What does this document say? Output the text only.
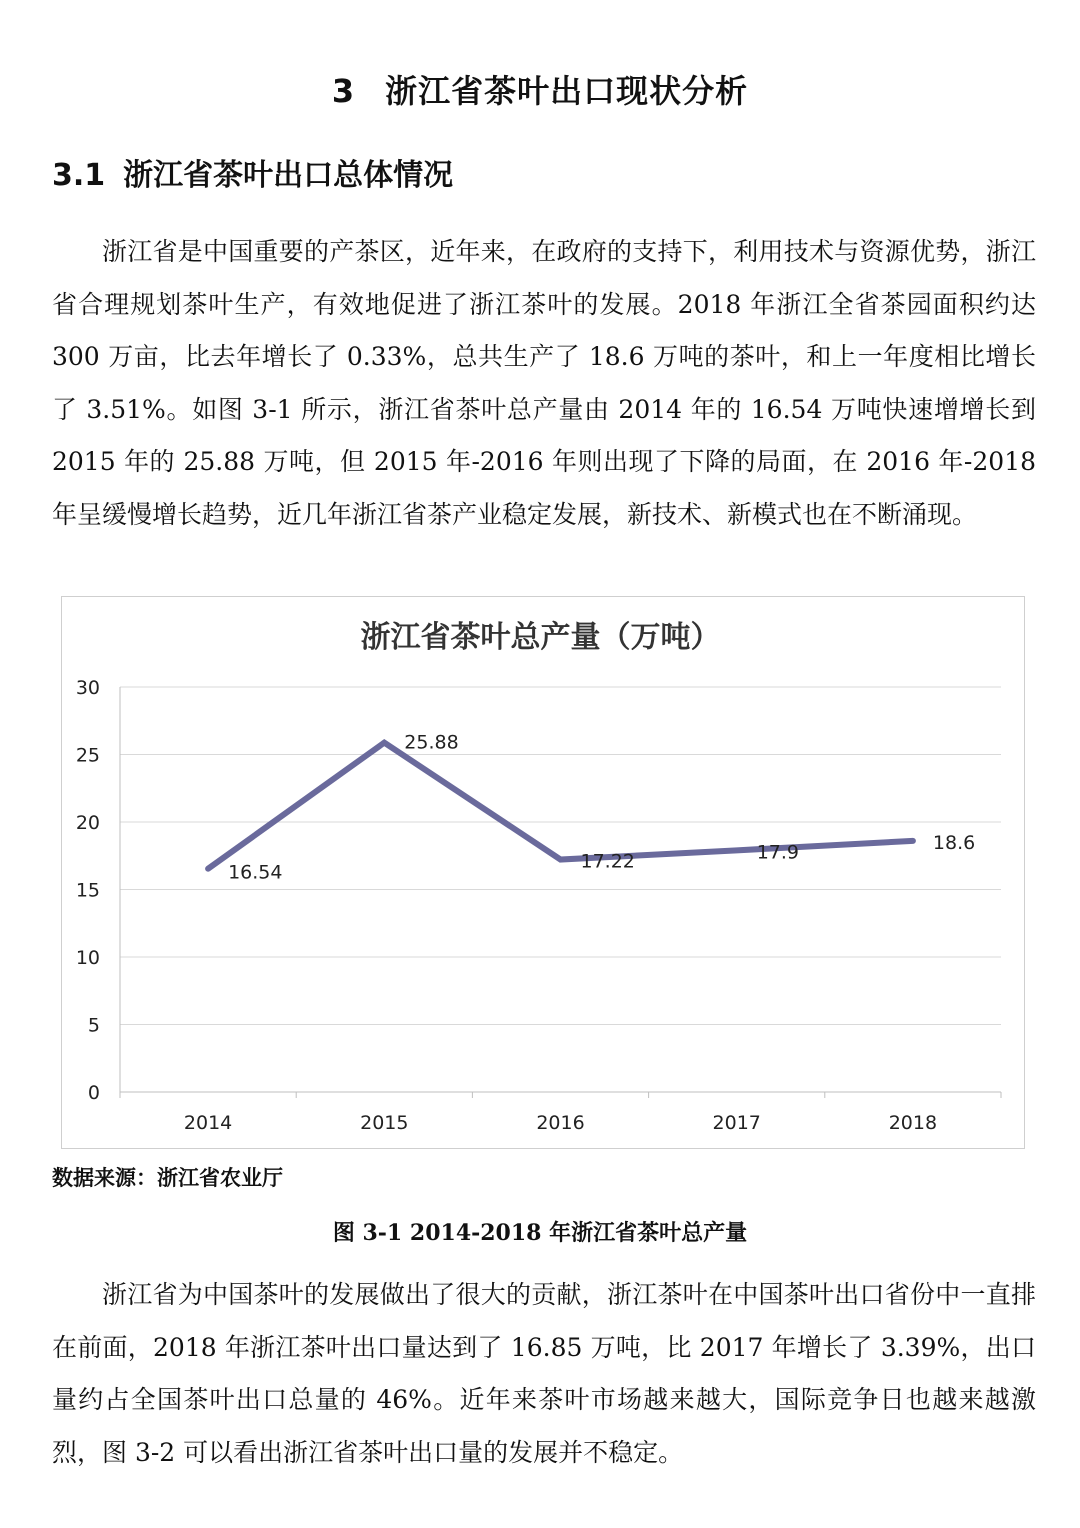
3 浙江省茶叶出口现状分析
3.1 浙江省茶叶出口总体情况

浙江省是中国重要的产茶区，近年来，在政府的支持下，利用技术与资源优势，浙江省合理规划茶叶生产，有效地促进了浙江茶叶的发展。2018 年浙江全省茶园面积约达 300 万亩，比去年增长了 0.33%，总共生产了 18.6 万吨的茶叶，和上一年度相比增长了 3.51%。如图 3-1 所示，浙江省茶叶总产量由 2014 年的 16.54 万吨快速增增长到 2015 年的 25.88 万吨，但 2015 年-2016 年则出现了下降的局面，在 2016 年-2018 年呈缓慢增长趋势，近几年浙江省茶产业稳定发展，新技术、新模式也在不断涌现。

浙江省茶叶总产量（万吨）
0
5
10
15
20
25
30
2014	2015	2016	2017	2018
16.54
25.88
17.22	17.9	18.6
数据来源：浙江省农业厅
图 3-1 2014-2018 年浙江省茶叶总产量

浙江省为中国茶叶的发展做出了很大的贡献，浙江茶叶在中国茶叶出口省份中一直排在前面，2018 年浙江茶叶出口量达到了 16.85 万吨，比 2017 年增长了 3.39%，出口量约占全国茶叶出口总量的 46%。近年来茶叶市场越来越大，国际竞争日也越来越激烈，图 3-2 可以看出浙江省茶叶出口量的发展并不稳定。
